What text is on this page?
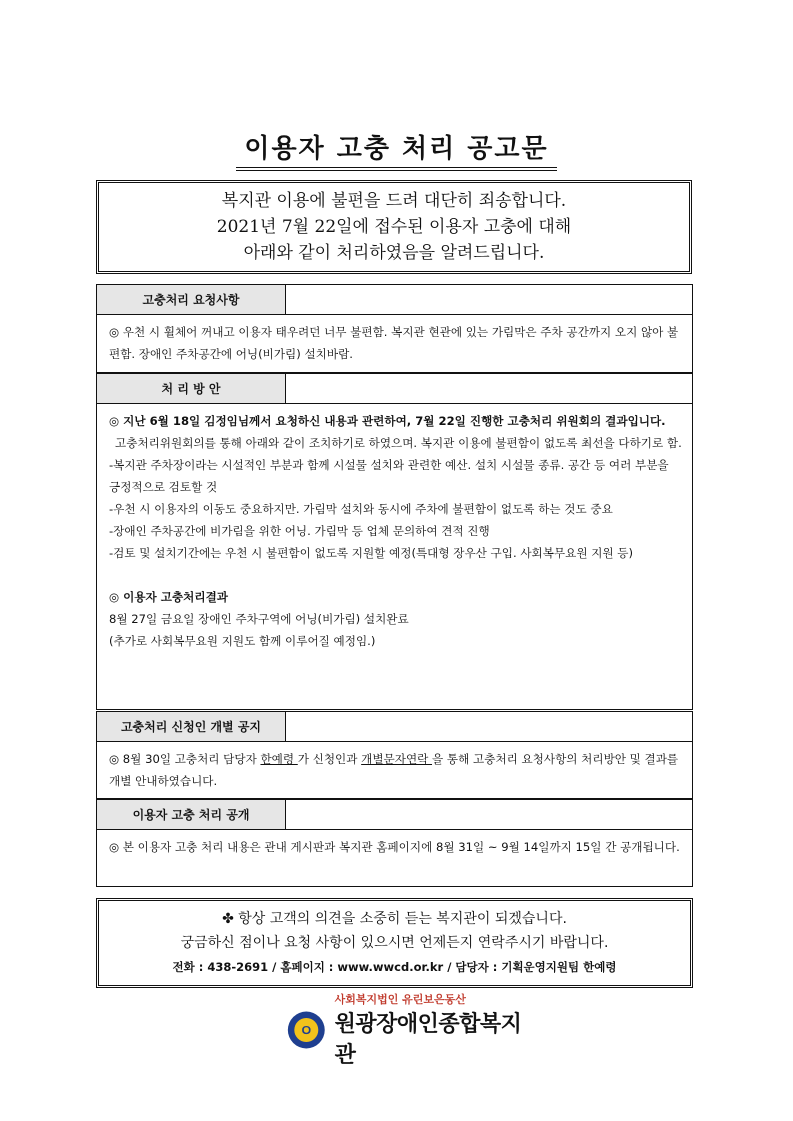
이용자 고충 처리 공고문
복지관 이용에 불편을 드려 대단히 죄송합니다.
2021년 7월 22일에 접수된 이용자 고충에 대해
아래와 같이 처리하였음을 알려드립니다.
고충처리 요청사항

◎ 우천 시 휠체어 꺼내고 이용자 태우려던 너무 불편함. 복지관 현관에 있는 가림막은 주차 공간까지 오지 않아 불편함. 장애인 주차공간에 어닝(비가림) 설치바람.

처 리 방 안

◎ 지난 6월 18일 김정임님께서 요청하신 내용과 관련하여, 7월 22일 진행한 고충처리 위원회의 결과입니다.

고충처리위원회의를 통해 아래와 같이 조치하기로 하였으며. 복지관 이용에 불편함이 없도록 최선을 다하기로 함.

-복지관 주차장이라는 시설적인 부분과 함께 시설물 설치와 관련한 예산. 설치 시설물 종류. 공간 등 여러 부분을 긍정적으로 검토할 것

-우천 시 이용자의 이동도 중요하지만. 가림막 설치와 동시에 주차에 불편함이 없도록 하는 것도 중요

-장애인 주차공간에 비가림을 위한 어닝. 가림막 등 업체 문의하여 견적 진행

-검토 및 설치기간에는 우천 시 불편함이 없도록 지원할 예정(특대형 장우산 구입. 사회복무요원 지원 등)

◎ 이용자 고충처리결과

8월 27일 금요일 장애인 주차구역에 어닝(비가림) 설치완료

(추가로 사회복무요원 지원도 함께 이루어질 예정임.)

고충처리 신청인 개별 공지

◎ 8월 30일 고충처리 담당자 한예령 가 신청인과 개별문자연락 을 통해 고충처리 요청사항의 처리방안 및 결과를 개별 안내하였습니다.

이용자 고충 처리 공개

◎ 본 이용자 고충 처리 내용은 관내 게시판과 복지관 홈페이지에 8월 31일 ~ 9월 14일까지 15일 간 공개됩니다.

✤ 항상 고객의 의견을 소중히 듣는 복지관이 되겠습니다.
궁금하신 점이나 요청 사항이 있으시면 언제든지 연락주시기 바랍니다.
전화 : 438-2691 / 홈페이지 : www.wwcd.or.kr / 담당자 : 기획운영지원팀 한예령
ㅇ
사회복지법인 유린보은동산
원광장애인종합복지관
